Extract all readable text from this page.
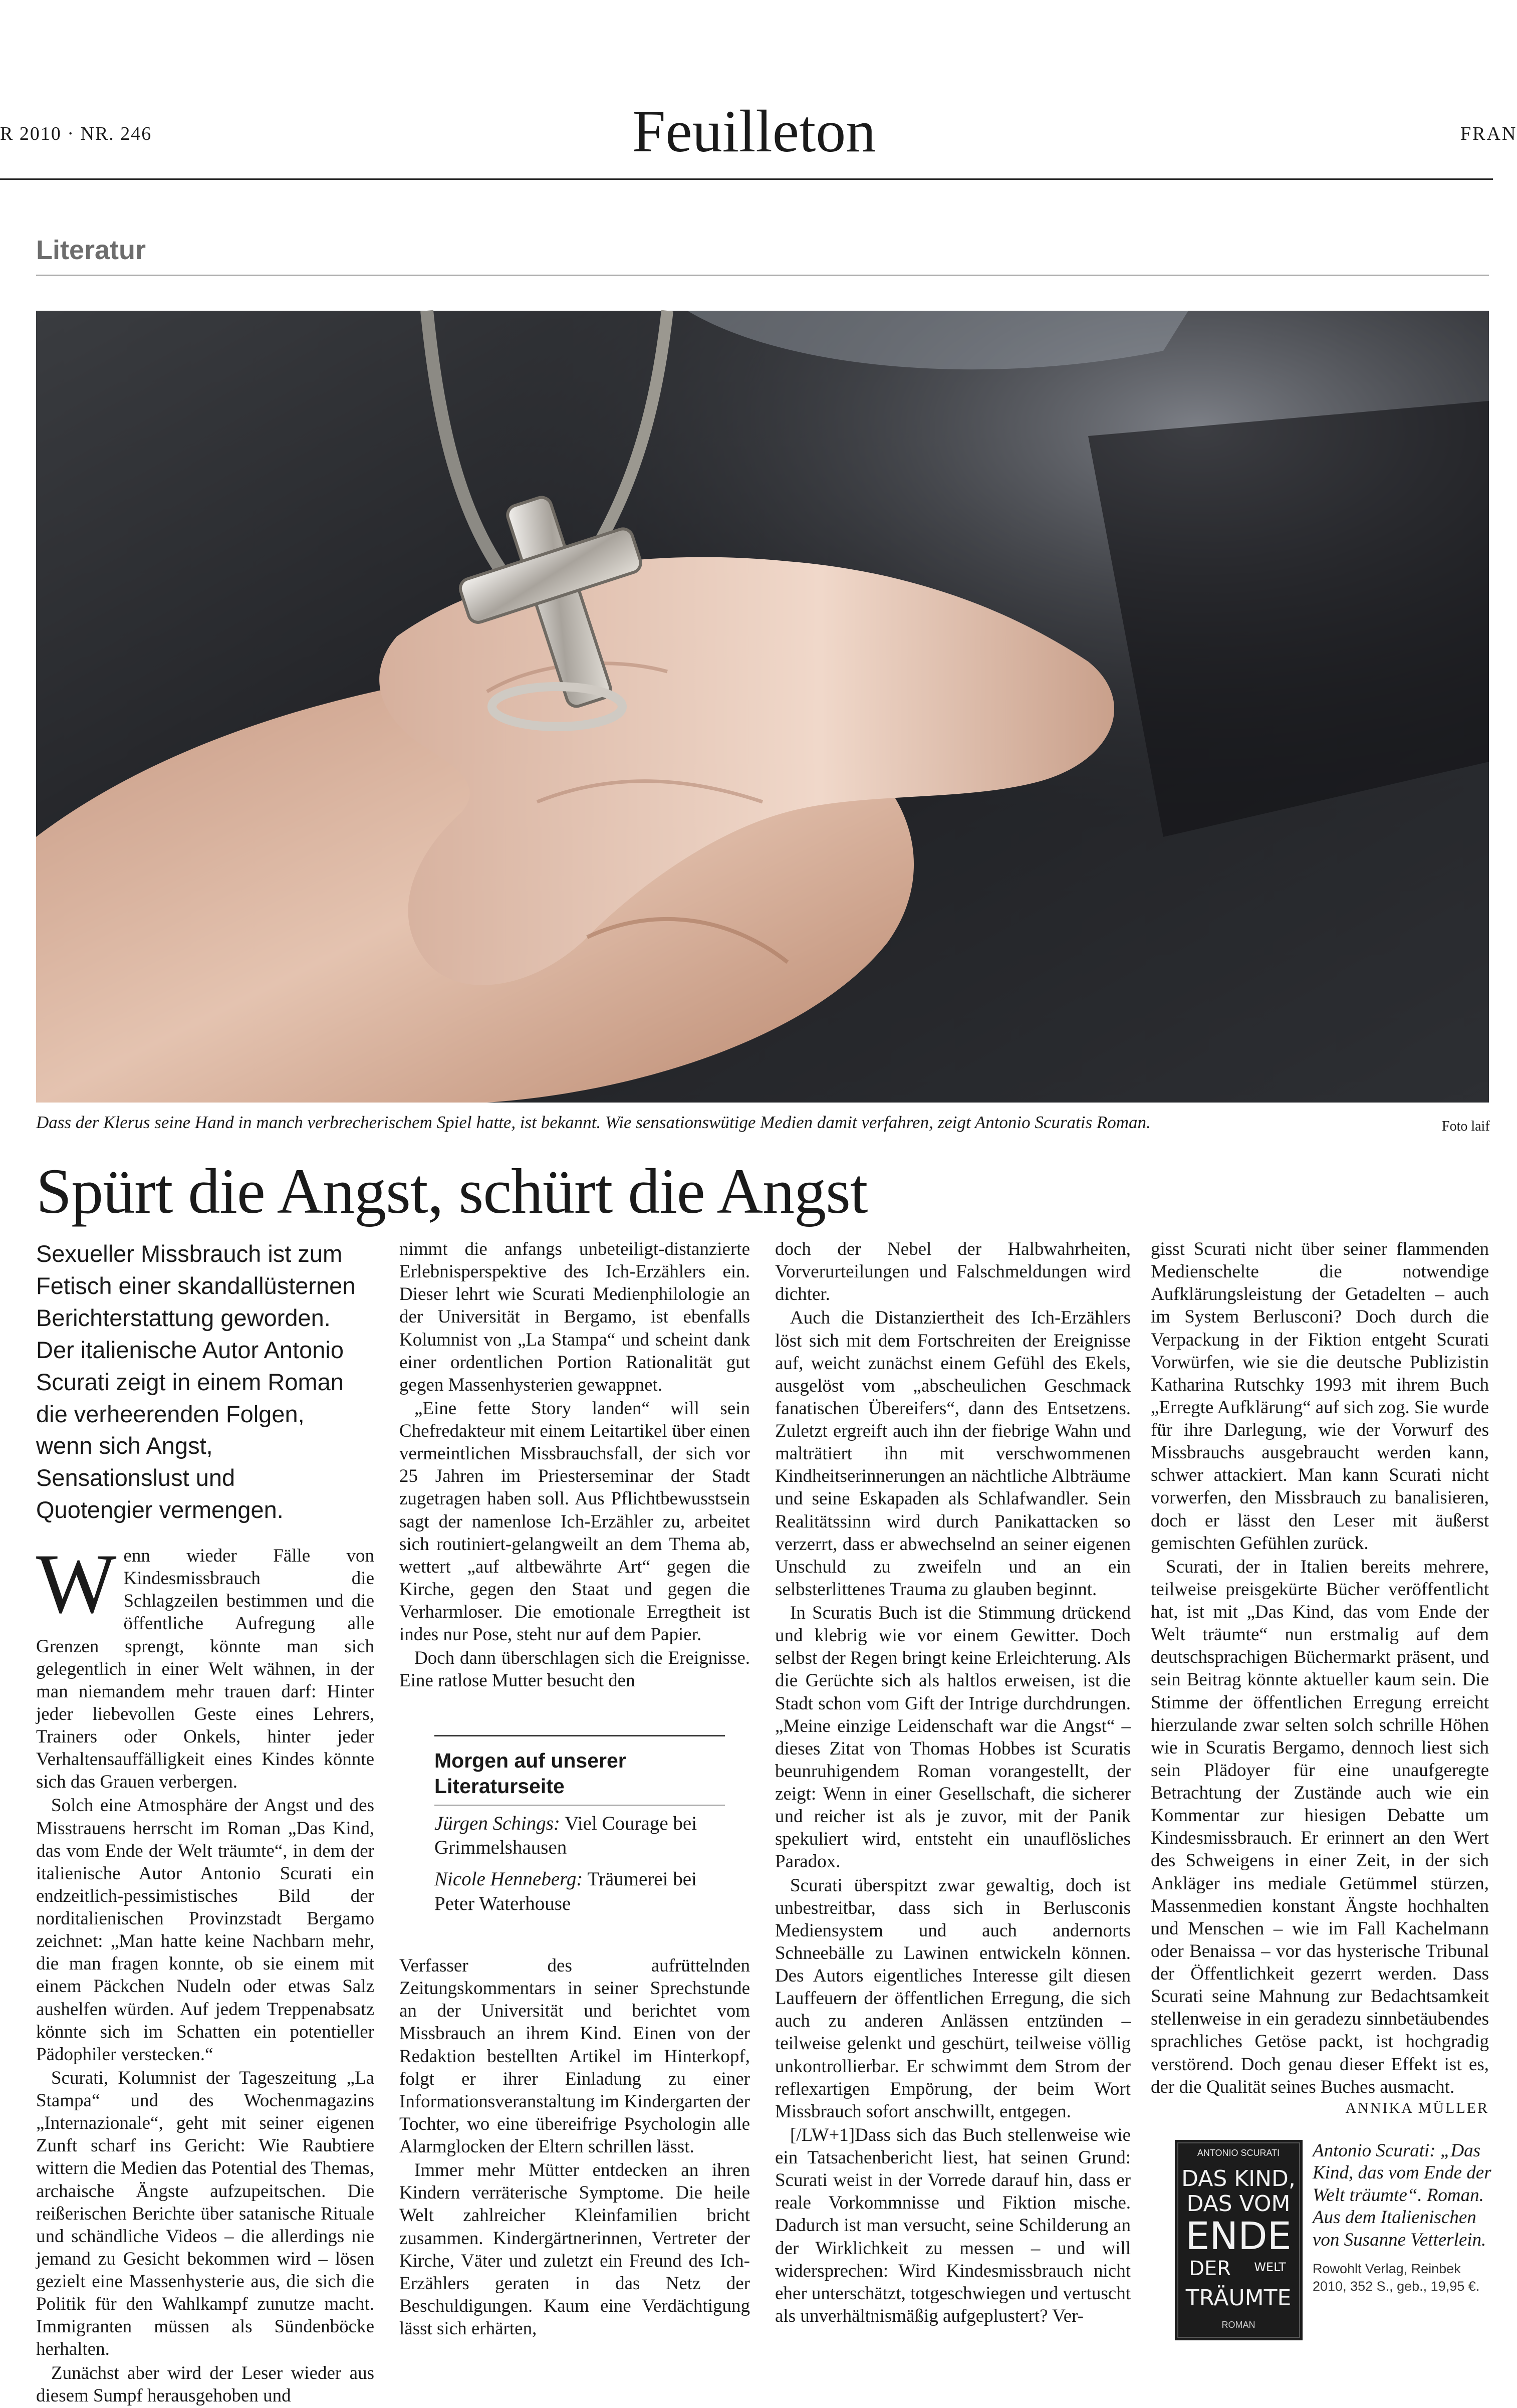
R 2010 · NR. 246	Feuilleton	FRAN
Literatur
Dass der Klerus seine Hand in manch verbrecherischem Spiel hatte, ist bekannt. Wie sensationswütige Medien damit verfahren, zeigt Antonio Scuratis Roman.	Foto laif
Spürt die Angst, schürt die Angst
Sexueller Missbrauch ist zum Fetisch einer skandallüsternen Berichterstattung geworden. Der italienische Autor Antonio Scurati zeigt in einem Roman die verheerenden Folgen, wenn sich Angst, Sensationslust und Quotengier vermengen.

Wenn wieder Fälle von Kindesmissbrauch die Schlagzeilen bestimmen und die öffentliche Aufregung alle Grenzen sprengt, könnte man sich gelegentlich in einer Welt wähnen, in der man niemandem mehr trauen darf: Hinter jeder liebevollen Geste eines Lehrers, Trainers oder Onkels, hinter jeder Verhaltensauffälligkeit eines Kindes könnte sich das Grauen verbergen.

Solch eine Atmosphäre der Angst und des Misstrauens herrscht im Roman „Das Kind, das vom Ende der Welt träumte“, in dem der italienische Autor Antonio Scurati ein endzeitlich-pessimistisches Bild der norditalienischen Provinzstadt Bergamo zeichnet: „Man hatte keine Nachbarn mehr, die man fragen konnte, ob sie einem mit einem Päckchen Nudeln oder etwas Salz aushelfen würden. Auf jedem Treppenabsatz könnte sich im Schatten ein potentieller Pädophiler verstecken.“

Scurati, Kolumnist der Tageszeitung „La Stampa“ und des Wochenmagazins „Internazionale“, geht mit seiner eigenen Zunft scharf ins Gericht: Wie Raubtiere wittern die Medien das Potential des Themas, archaische Ängste aufzupeitschen. Die reißerischen Berichte über satanische Rituale und schändliche Videos – die allerdings nie jemand zu Gesicht bekommen wird – lösen gezielt eine Massenhysterie aus, die sich die Politik für den Wahlkampf zunutze macht. Immigranten müssen als Sündenböcke herhalten.

Zunächst aber wird der Leser wieder aus diesem Sumpf herausgehoben und

nimmt die anfangs unbeteiligt-distanzierte Erlebnisperspektive des Ich-Erzählers ein. Dieser lehrt wie Scurati Medienphilologie an der Universität in Bergamo, ist ebenfalls Kolumnist von „La Stampa“ und scheint dank einer ordentlichen Portion Rationalität gut gegen Massenhysterien gewappnet.

„Eine fette Story landen“ will sein Chefredakteur mit einem Leitartikel über einen vermeintlichen Missbrauchsfall, der sich vor 25 Jahren im Priesterseminar der Stadt zugetragen haben soll. Aus Pflichtbewusstsein sagt der namenlose Ich-Erzähler zu, arbeitet sich routiniert-gelangweilt an dem Thema ab, wettert „auf altbewährte Art“ gegen die Kirche, gegen den Staat und gegen die Verharmloser. Die emotionale Erregtheit ist indes nur Pose, steht nur auf dem Papier.

Doch dann überschlagen sich die Ereignisse. Eine ratlose Mutter besucht den

Morgen auf unserer Literaturseite
Jürgen Schings: Viel Courage bei Grimmelshausen
Nicole Henneberg: Träumerei bei Peter Waterhouse

Verfasser des aufrüttelnden Zeitungskommentars in seiner Sprechstunde an der Universität und berichtet vom Missbrauch an ihrem Kind. Einen von der Redaktion bestellten Artikel im Hinterkopf, folgt er ihrer Einladung zu einer Informationsveranstaltung im Kindergarten der Tochter, wo eine übereifrige Psychologin alle Alarmglocken der Eltern schrillen lässt.

Immer mehr Mütter entdecken an ihren Kindern verräterische Symptome. Die heile Welt zahlreicher Kleinfamilien bricht zusammen. Kindergärtnerinnen, Vertreter der Kirche, Väter und zuletzt ein Freund des Ich-Erzählers geraten in das Netz der Beschuldigungen. Kaum eine Verdächtigung lässt sich erhärten,

doch der Nebel der Halbwahrheiten, Vorverurteilungen und Falschmeldungen wird dichter.

Auch die Distanziertheit des Ich-Erzählers löst sich mit dem Fortschreiten der Ereignisse auf, weicht zunächst einem Gefühl des Ekels, ausgelöst vom „abscheulichen Geschmack fanatischen Übereifers“, dann des Entsetzens. Zuletzt ergreift auch ihn der fiebrige Wahn und malträtiert ihn mit verschwommenen Kindheitserinnerungen an nächtliche Albträume und seine Eskapaden als Schlafwandler. Sein Realitätssinn wird durch Panikattacken so verzerrt, dass er abwechselnd an seiner eigenen Unschuld zu zweifeln und an ein selbsterlittenes Trauma zu glauben beginnt.

In Scuratis Buch ist die Stimmung drückend und klebrig wie vor einem Gewitter. Doch selbst der Regen bringt keine Erleichterung. Als die Gerüchte sich als haltlos erweisen, ist die Stadt schon vom Gift der Intrige durchdrungen. „Meine einzige Leidenschaft war die Angst“ – dieses Zitat von Thomas Hobbes ist Scuratis beunruhigendem Roman vorangestellt, der zeigt: Wenn in einer Gesellschaft, die sicherer und reicher ist als je zuvor, mit der Panik spekuliert wird, entsteht ein unauflösliches Paradox.

Scurati überspitzt zwar gewaltig, doch ist unbestreitbar, dass sich in Berlusconis Mediensystem und auch andernorts Schneebälle zu Lawinen entwickeln können. Des Autors eigentliches Interesse gilt diesen Lauffeuern der öffentlichen Erregung, die sich auch zu anderen Anlässen entzünden – teilweise gelenkt und geschürt, teilweise völlig unkontrollierbar. Er schwimmt dem Strom der reflexartigen Empörung, der beim Wort Missbrauch sofort anschwillt, entgegen.

[/LW+1]Dass sich das Buch stellenweise wie ein Tatsachenbericht liest, hat seinen Grund: Scurati weist in der Vorrede darauf hin, dass er reale Vorkommnisse und Fiktion mische. Dadurch ist man versucht, seine Schilderung an der Wirklichkeit zu messen – und will widersprechen: Wird Kindesmissbrauch nicht eher unterschätzt, totgeschwiegen und vertuscht als unverhältnismäßig aufgeplustert? Ver-

gisst Scurati nicht über seiner flammenden Medienschelte die notwendige Aufklärungsleistung der Getadelten – auch im System Berlusconi? Doch durch die Verpackung in der Fiktion entgeht Scurati Vorwürfen, wie sie die deutsche Publizistin Katharina Rutschky 1993 mit ihrem Buch „Erregte Aufklärung“ auf sich zog. Sie wurde für ihre Darlegung, wie der Vorwurf des Missbrauchs ausgebraucht werden kann, schwer attackiert. Man kann Scurati nicht vorwerfen, den Missbrauch zu banalisieren, doch er lässt den Leser mit äußerst gemischten Gefühlen zurück.

Scurati, der in Italien bereits mehrere, teilweise preisgekürte Bücher veröffentlicht hat, ist mit „Das Kind, das vom Ende der Welt träumte“ nun erstmalig auf dem deutschsprachigen Büchermarkt präsent, und sein Beitrag könnte aktueller kaum sein. Die Stimme der öffentlichen Erregung erreicht hierzulande zwar selten solch schrille Höhen wie in Scuratis Bergamo, dennoch liest sich sein Plädoyer für eine unaufgeregte Betrachtung der Zustände auch wie ein Kommentar zur hiesigen Debatte um Kindesmissbrauch. Er erinnert an den Wert des Schweigens in einer Zeit, in der sich Ankläger ins mediale Getümmel stürzen, Massenmedien konstant Ängste hochhalten und Menschen – wie im Fall Kachelmann oder Benaissa – vor das hysterische Tribunal der Öffentlichkeit gezerrt werden. Dass Scurati seine Mahnung zur Bedachtsamkeit stellenweise in ein geradezu sinnbetäubendes sprachliches Getöse packt, ist hochgradig verstörend. Doch genau dieser Effekt ist es, der die Qualität seines Buches ausmacht.

ANNIKA MÜLLER
ANTONIO SCURATI
DAS KIND,
DAS VOM
ENDE
DER WELT
TRÄUMTE
ROMAN
Antonio Scurati: „Das Kind, das vom Ende der Welt träumte“. Roman. Aus dem Italienischen von Susanne Vetterlein.
Rowohlt Verlag, Reinbek 2010, 352 S., geb., 19,95 €.
